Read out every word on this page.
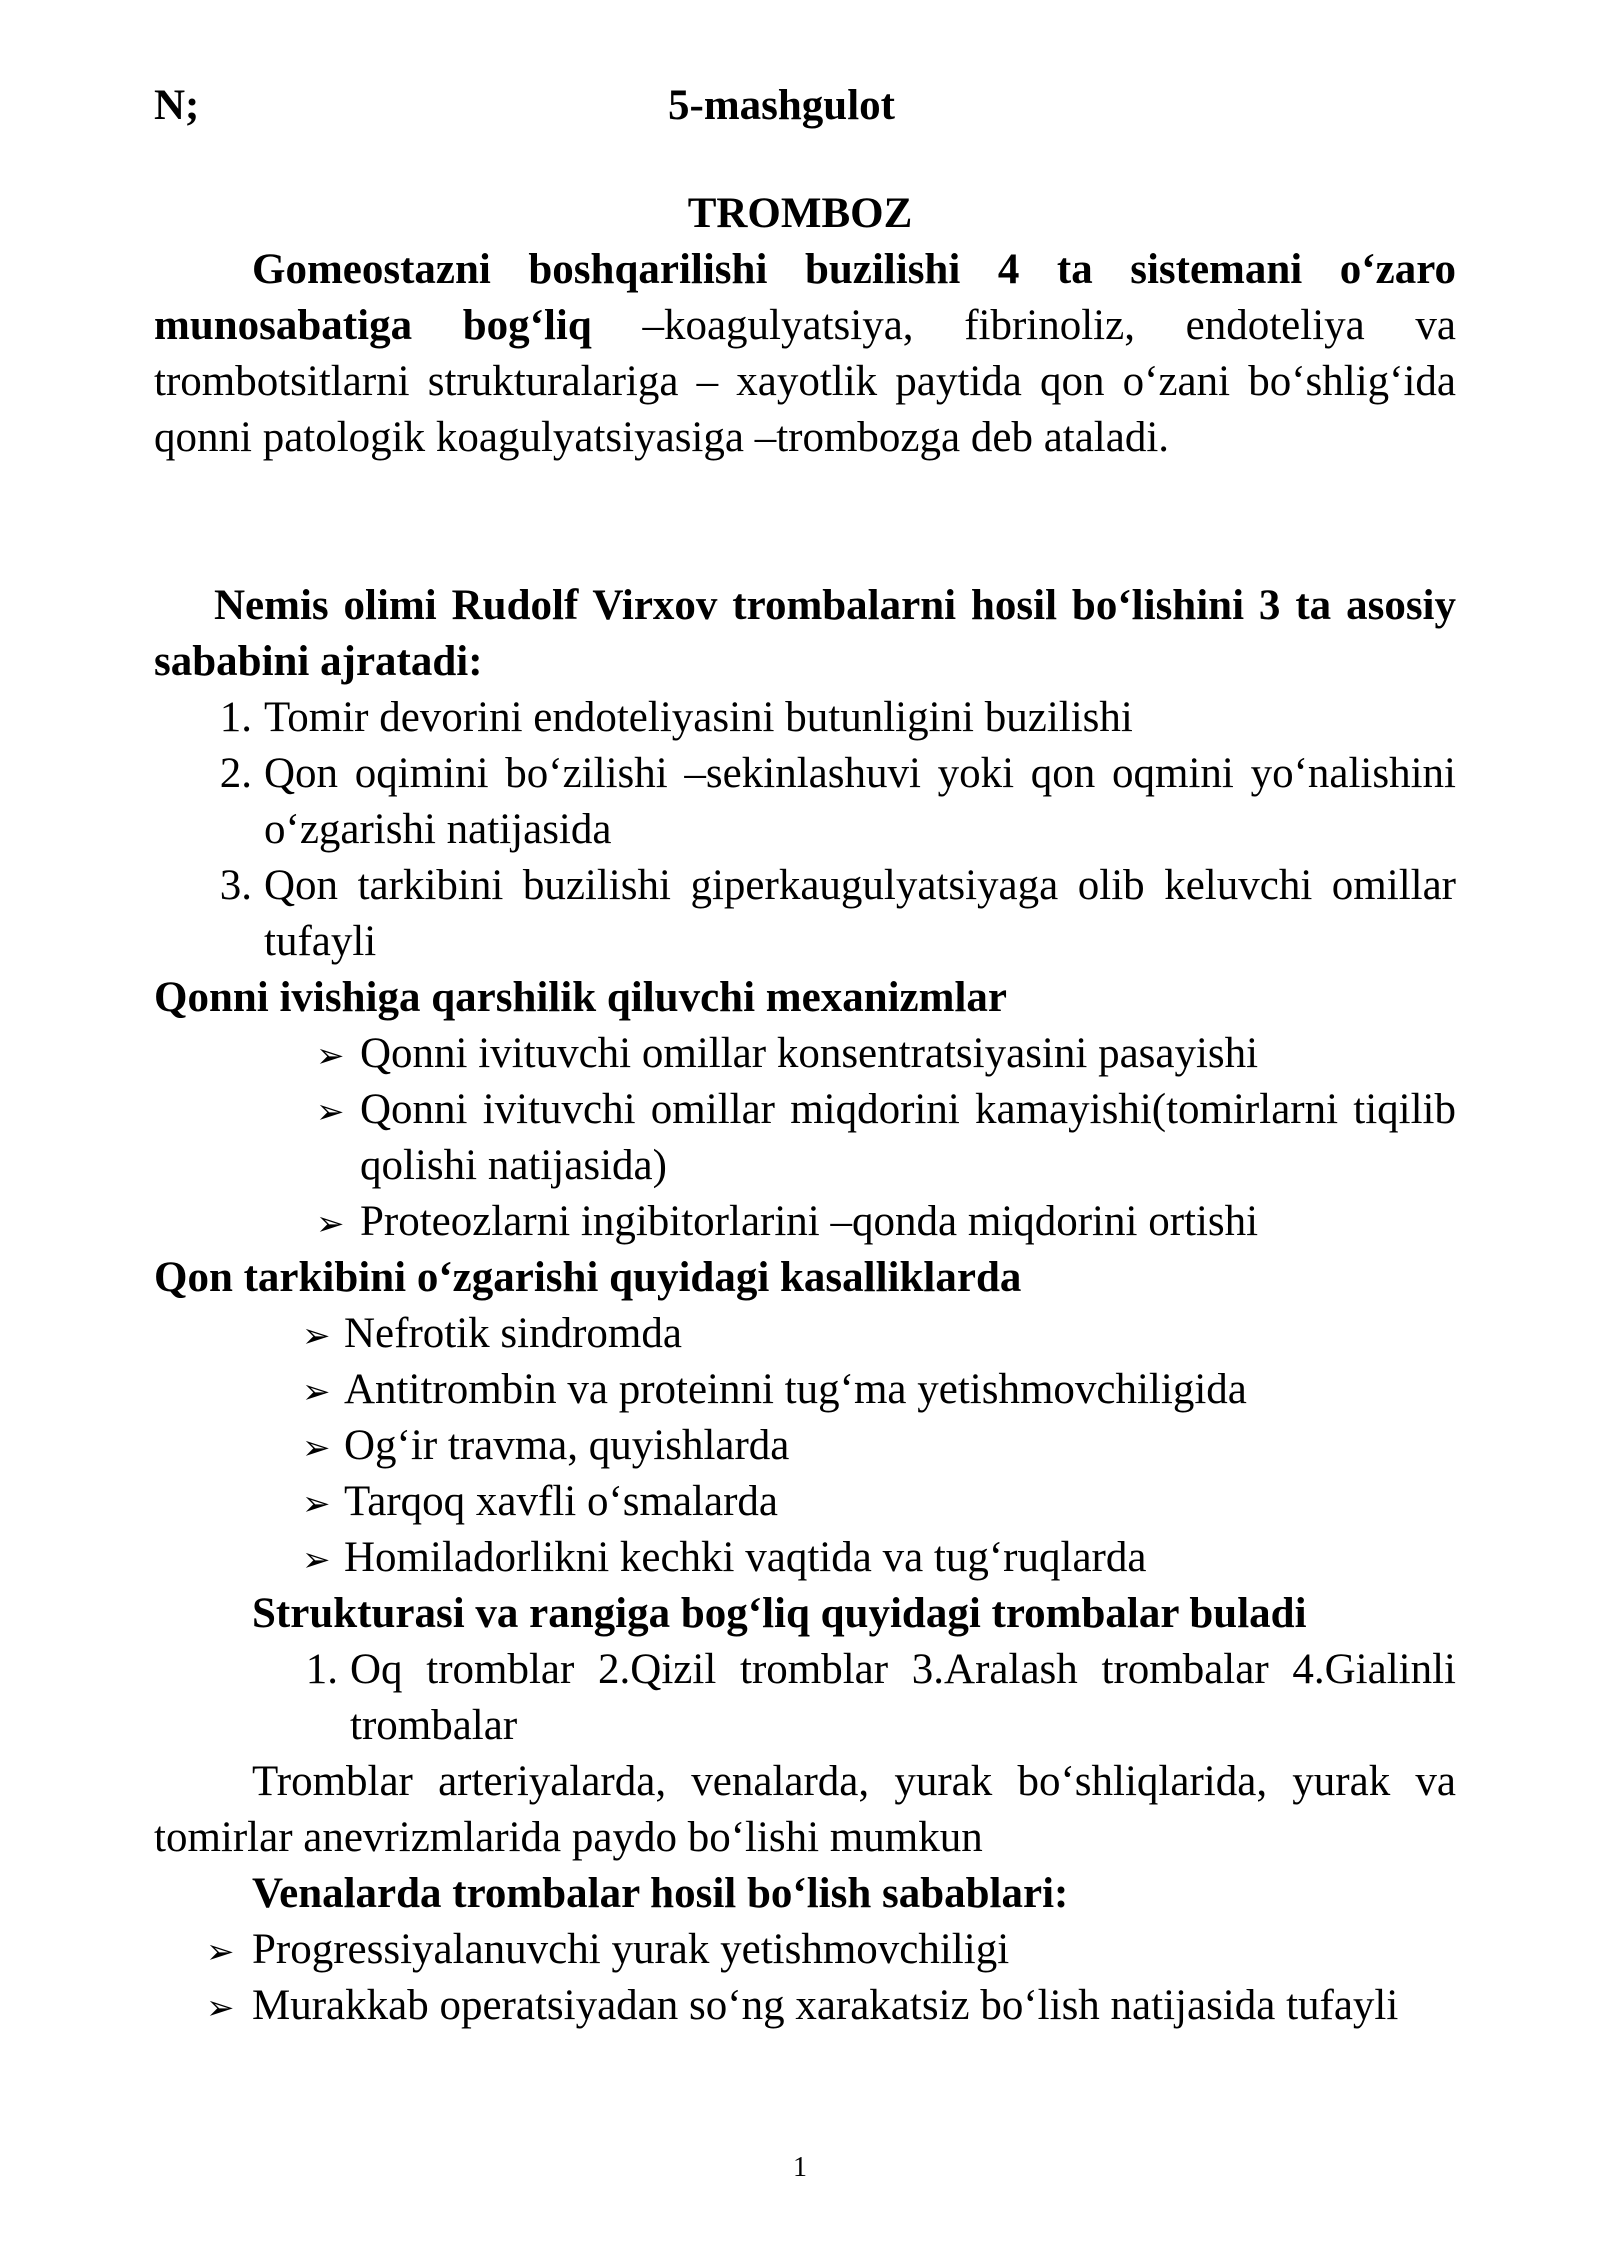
N;	5-mashgulot
TROMBOZ
Gomeostazni boshqarilishi buzilishi 4 ta sistemani o‘zaro munosabatiga bog‘liq –koagulyatsiya, fibrinoliz, endoteliya va trombotsitlarni strukturalariga – xayotlik paytida qon o‘zani bo‘shlig‘ida qonni patologik koagulyatsiyasiga –trombozga deb ataladi.
Nemis olimi Rudolf Virxov trombalarni hosil bo‘lishini 3 ta asosiy sababini ajratadi:
1. Tomir devorini endoteliyasini butunligini buzilishi
2. Qon oqimini bo‘zilishi –sekinlashuvi yoki qon oqmini yo‘nalishini o‘zgarishi natijasida
3. Qon tarkibini buzilishi giperkaugulyatsiyaga olib keluvchi omillar tufayli
Qonni ivishiga qarshilik qiluvchi mexanizmlar
➢ Qonni ivituvchi omillar konsentratsiyasini pasayishi
➢ Qonni ivituvchi omillar miqdorini kamayishi(tomirlarni tiqilib qolishi natijasida)
➢ Proteozlarni ingibitorlarini –qonda miqdorini ortishi
Qon tarkibini o‘zgarishi quyidagi kasalliklarda
➢ Nefrotik sindromda
➢ Antitrombin va proteinni tug‘ma yetishmovchiligida
➢ Og‘ir travma, quyishlarda
➢ Tarqoq xavfli o‘smalarda
➢ Homiladorlikni kechki vaqtida va tug‘ruqlarda
Strukturasi va rangiga bog‘liq quyidagi trombalar buladi
1. Oq tromblar 2.Qizil tromblar 3.Aralash trombalar 4.Gialinli trombalar
Tromblar arteriyalarda, venalarda, yurak bo‘shliqlarida, yurak va tomirlar anevrizmlarida paydo bo‘lishi mumkun
Venalarda trombalar hosil bo‘lish sabablari:
➢ Progressiyalanuvchi yurak yetishmovchiligi
➢ Murakkab operatsiyadan so‘ng xarakatsiz bo‘lish natijasida tufayli
1
